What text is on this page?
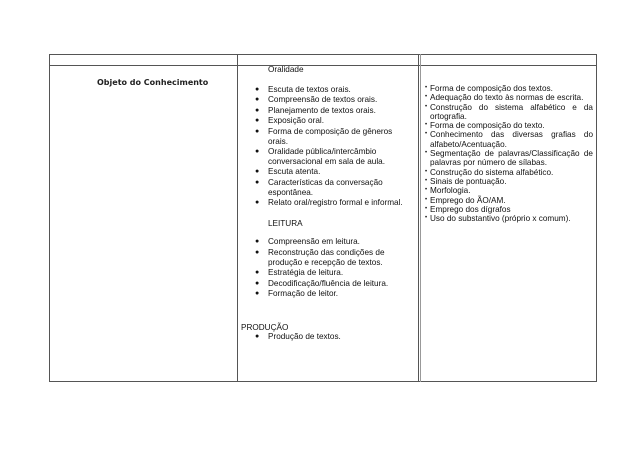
Objeto do Conhecimento

Oralidade

● Escuta de textos orais.
● Compreensão de textos orais.
● Planejamento de textos orais.
● Exposição oral.
● Forma de composição de gêneros orais.
● Oralidade pública/intercâmbio conversacional em sala de aula.
● Escuta atenta.
● Características da conversação espontânea.
● Relato oral/registro formal e informal.

LEITURA

● Compreensão em leitura.
● Reconstrução das condições de produção e recepção de textos.
● Estratégia de leitura.
● Decodificação/fluência de leitura.
● Formação de leitor.

PRODUÇÃO

● Produção de textos.
• Forma de composição dos textos.
• Adequação do texto às normas de escrita.
• Construção do sistema alfabético e da ortografia.
• Forma de composição do texto.
• Conhecimento das diversas grafias do alfabeto/Acentuação.
• Segmentação de palavras/Classificação de palavras por número de sílabas.
• Construção do sistema alfabético.
• Sinais de pontuação.
• Morfologia.
• Emprego do ÃO/AM.
• Emprego dos dígrafos
• Uso do substantivo (próprio x comum).
